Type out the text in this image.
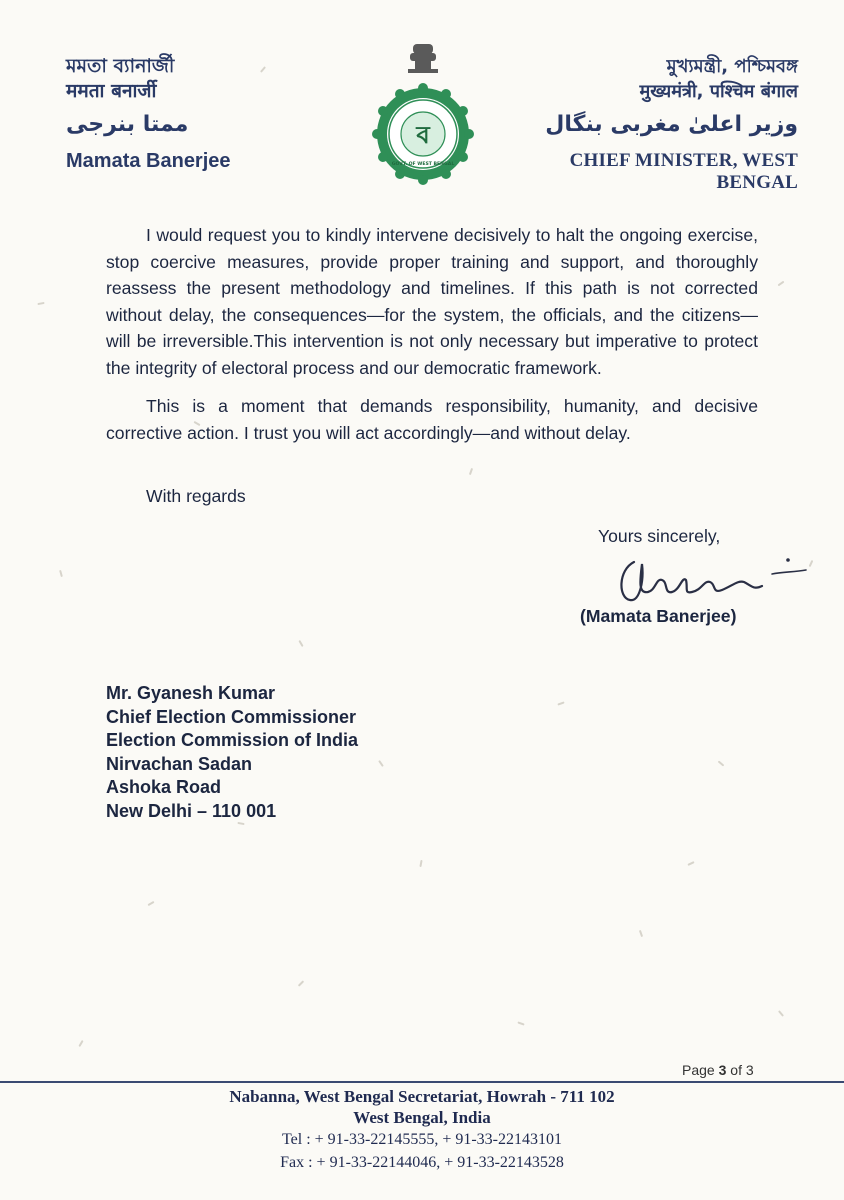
মমতা ব্যানার্জী
ममता बनार्जी
ممتا بنرجی
Mamata Banerjee
ব
GOVT. OF WEST BENGAL
মুখ্যমন্ত্রী, পশ্চিমবঙ্গ
मुख्यमंत्री, पश्चिम बंगाल
وزیر اعلیٰ مغربی بنگال
CHIEF MINISTER, WEST BENGAL

I would request you to kindly intervene decisively to halt the ongoing exercise, stop coercive measures, provide proper training and support, and thoroughly reassess the present methodology and timelines. If this path is not corrected without delay, the consequences—for the system, the officials, and the citizens—will be irreversible.This intervention is not only necessary but imperative to protect the integrity of electoral process and our democratic framework.

This is a moment that demands responsibility, humanity, and decisive corrective action. I trust you will act accordingly—and without delay.

With regards
Yours sincerely,
(Mamata Banerjee)
Mr. Gyanesh Kumar
Chief Election Commissioner
Election Commission of India
Nirvachan Sadan
Ashoka Road
New Delhi – 110 001
Page 3 of 3
Nabanna, West Bengal Secretariat, Howrah - 711 102
West Bengal, India
Tel : + 91-33-22145555, + 91-33-22143101
Fax : + 91-33-22144046, + 91-33-22143528
